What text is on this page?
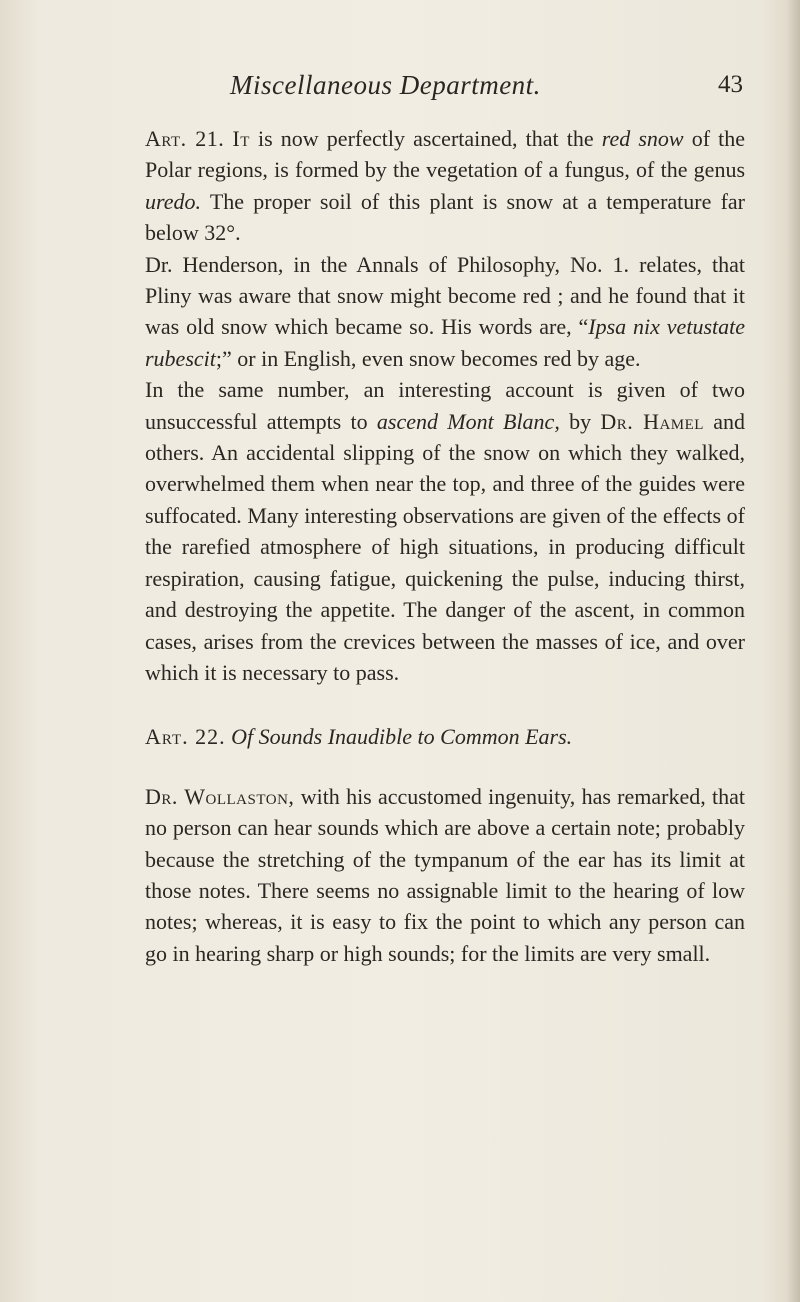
Miscellaneous Department.	43

Art. 21. It is now perfectly ascertained, that the red snow of the Polar regions, is formed by the vegetation of a fungus, of the genus uredo. The proper soil of this plant is snow at a temperature far below 32°.

Dr. Henderson, in the Annals of Philosophy, No. 1. relates, that Pliny was aware that snow might become red ; and he found that it was old snow which became so. His words are, “Ipsa nix vetustate rubescit;” or in English, even snow becomes red by age.

In the same number, an interesting account is given of two unsuccessful attempts to ascend Mont Blanc, by Dr. Hamel and others. An accidental slipping of the snow on which they walked, overwhelmed them when near the top, and three of the guides were suffocated. Many interesting observations are given of the effects of the rarefied atmosphere of high situations, in producing difficult respiration, causing fatigue, quickening the pulse, inducing thirst, and destroying the appetite. The danger of the ascent, in common cases, arises from the crevices between the masses of ice, and over which it is necessary to pass.

Art. 22. Of Sounds Inaudible to Common Ears.

Dr. Wollaston, with his accustomed ingenuity, has remarked, that no person can hear sounds which are above a certain note; probably because the stretching of the tympanum of the ear has its limit at those notes. There seems no assignable limit to the hearing of low notes; whereas, it is easy to fix the point to which any person can go in hearing sharp or high sounds; for the limits are very small.
